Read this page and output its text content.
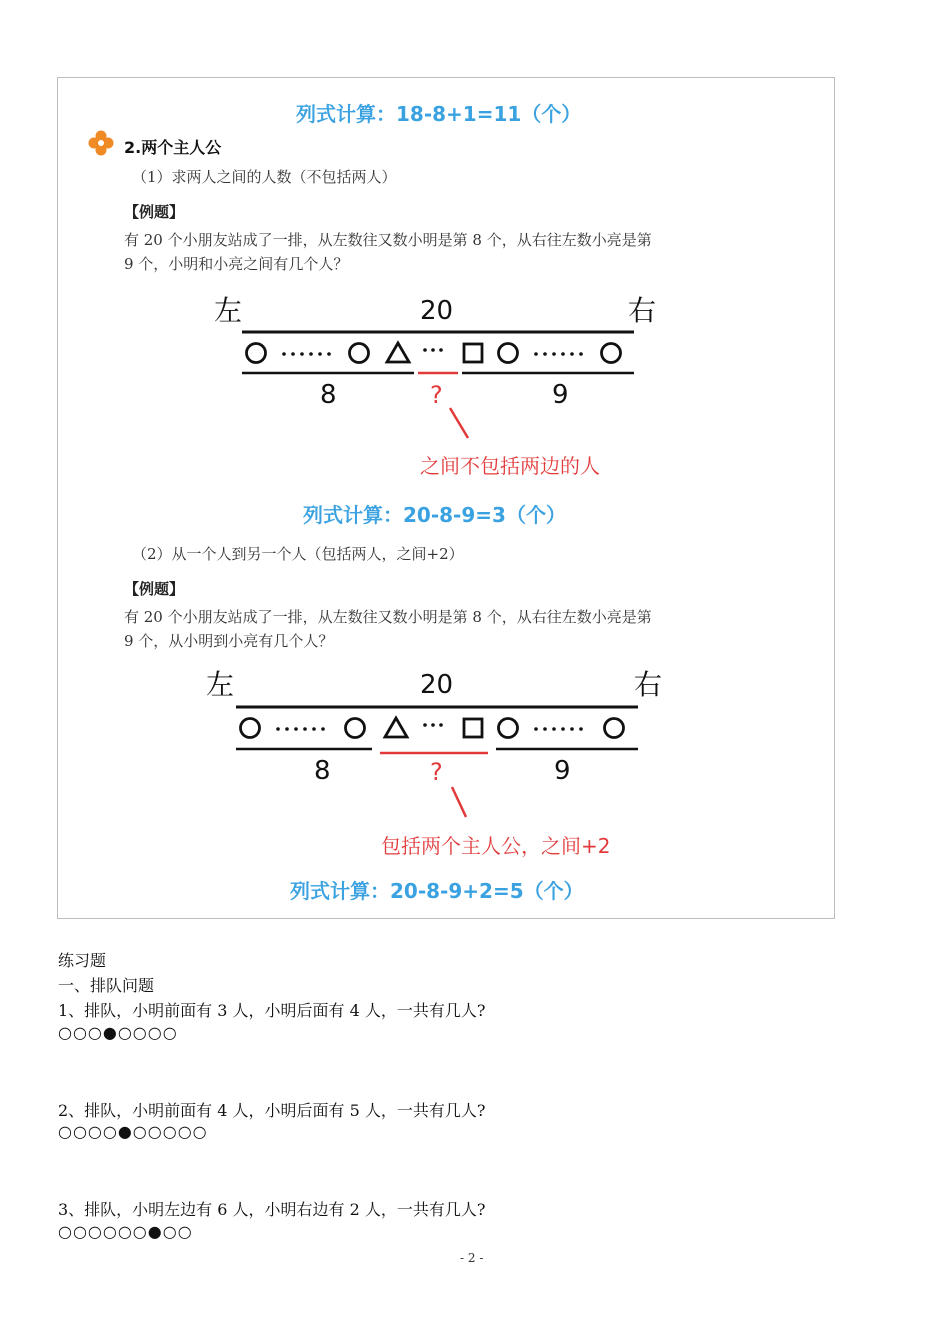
列式计算：18-8+1=11（个）
2.两个主人公
（1）求两人之间的人数（不包括两人）
【例题】
有 20 个小朋友站成了一排，从左数往又数小明是第 8 个，从右往左数小亮是第
9 个，小明和小亮之间有几个人？
左	20	右
8	?	9
之间不包括两边的人
列式计算：20-8-9=3（个）
（2）从一个人到另一个人（包括两人，之间+2）
【例题】
有 20 个小朋友站成了一排，从左数往又数小明是第 8 个，从右往左数小亮是第
9 个，从小明到小亮有几个人？
左	20	右
8	?	9
包括两个主人公，之间+2
列式计算：20-8-9+2=5（个）
练习题
一、排队问题
1、排队，小明前面有 3 人，小明后面有 4 人，一共有几人?
○○○●○○○○
2、排队，小明前面有 4 人，小明后面有 5 人，一共有几人?
○○○○●○○○○○
3、排队，小明左边有 6 人，小明右边有 2 人，一共有几人?
○○○○○○●○○
- 2 -
